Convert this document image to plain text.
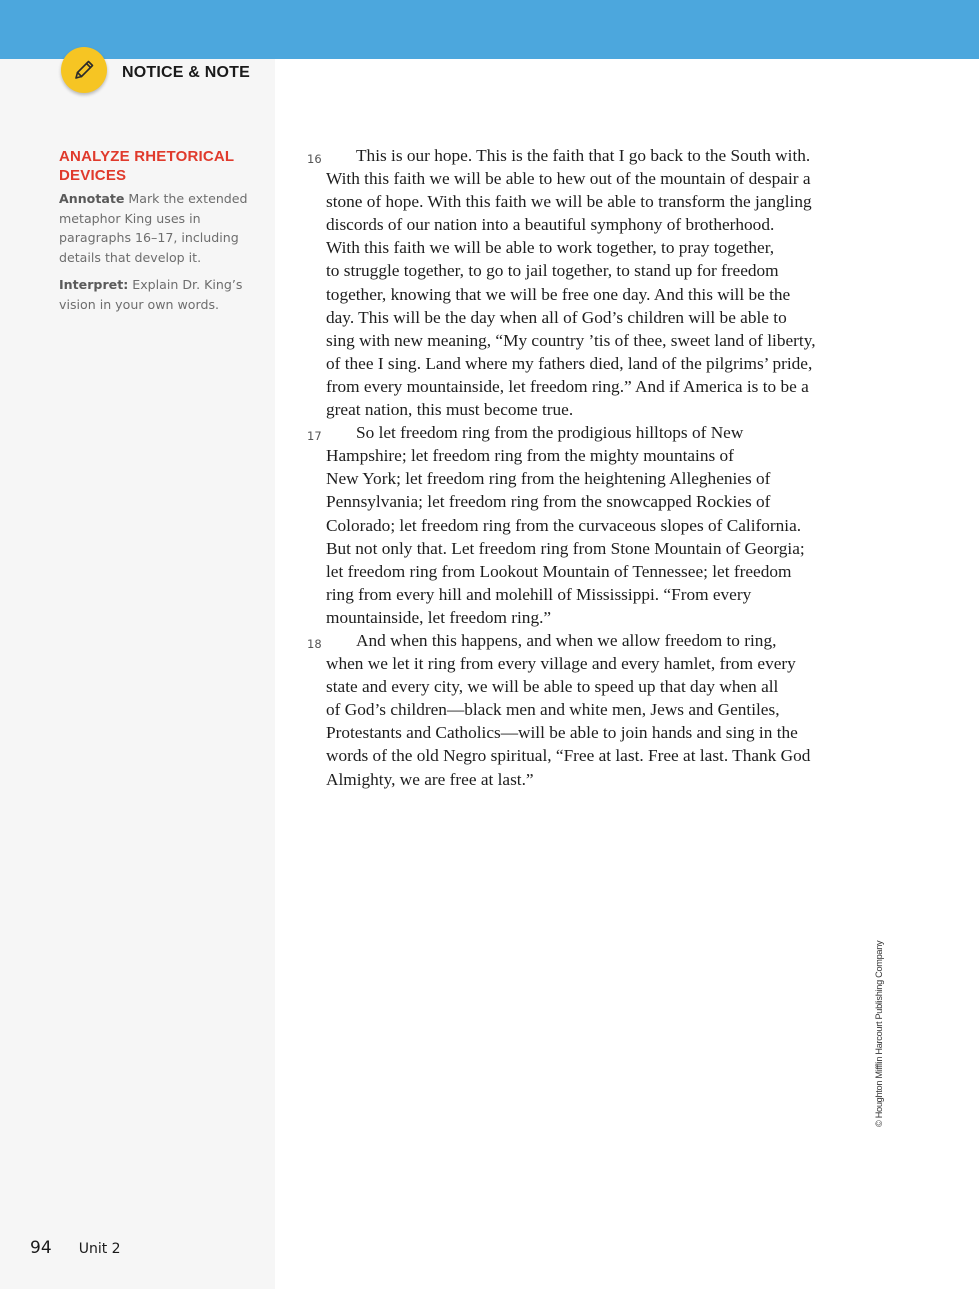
NOTICE & NOTE
ANALYZE RHETORICAL DEVICES
Annotate Mark the extended metaphor King uses in paragraphs 16–17, including details that develop it.
Interpret: Explain Dr. King’s vision in your own words.
16	This is our hope. This is the faith that I go back to the South with.
With this faith we will be able to hew out of the mountain of despair a
stone of hope. With this faith we will be able to transform the jangling
discords of our nation into a beautiful symphony of brotherhood.
With this faith we will be able to work together, to pray together,
to struggle together, to go to jail together, to stand up for freedom
together, knowing that we will be free one day. And this will be the
day. This will be the day when all of God’s children will be able to
sing with new meaning, “My country ’tis of thee, sweet land of liberty,
of thee I sing. Land where my fathers died, land of the pilgrims’ pride,
from every mountainside, let freedom ring.” And if America is to be a
great nation, this must become true.
17	So let freedom ring from the prodigious hilltops of New
Hampshire; let freedom ring from the mighty mountains of
New York; let freedom ring from the heightening Alleghenies of
Pennsylvania; let freedom ring from the snowcapped Rockies of
Colorado; let freedom ring from the curvaceous slopes of California.
But not only that. Let freedom ring from Stone Mountain of Georgia;
let freedom ring from Lookout Mountain of Tennessee; let freedom
ring from every hill and molehill of Mississippi. “From every
mountainside, let freedom ring.”
18	And when this happens, and when we allow freedom to ring,
when we let it ring from every village and every hamlet, from every
state and every city, we will be able to speed up that day when all
of God’s children—black men and white men, Jews and Gentiles,
Protestants and Catholics—will be able to join hands and sing in the
words of the old Negro spiritual, “Free at last. Free at last. Thank God
Almighty, we are free at last.”
© Houghton Mifflin Harcourt Publishing Company
94 Unit 2
